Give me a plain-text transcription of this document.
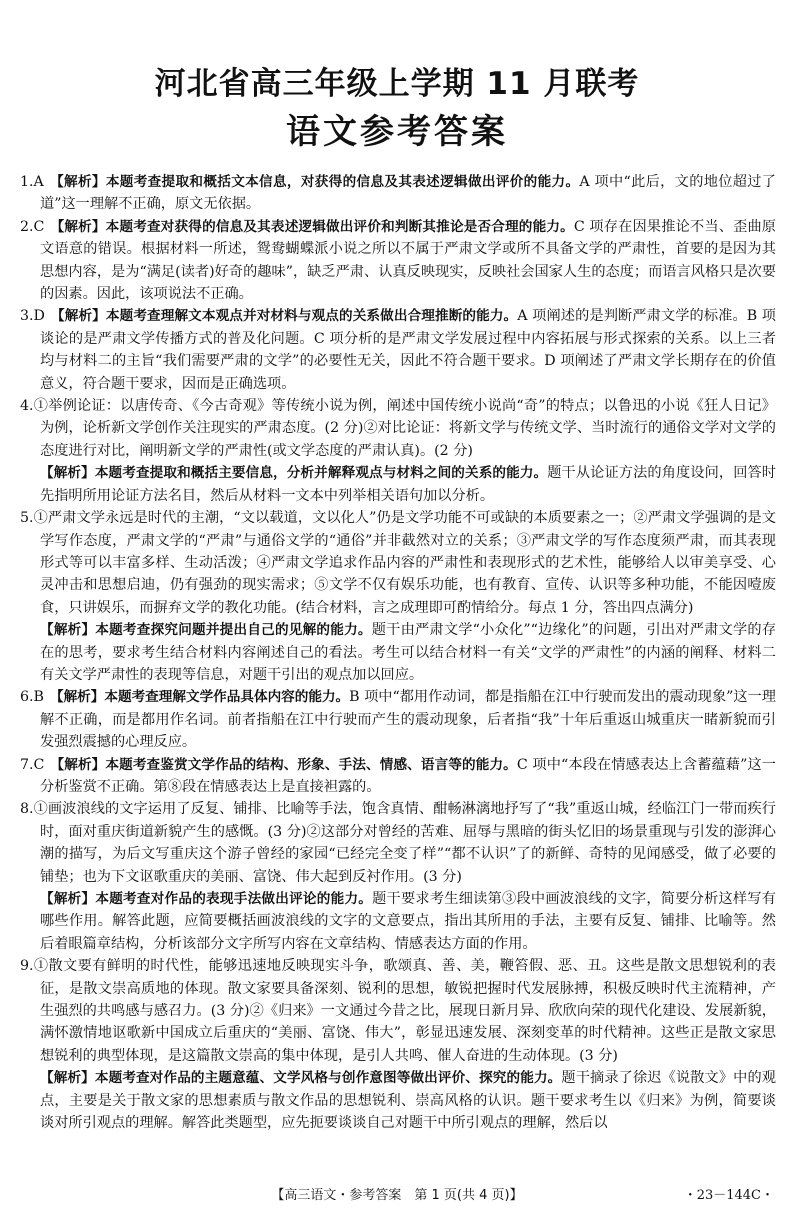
河北省高三年级上学期 11 月联考
语文参考答案

1.A 【解析】本题考查提取和概括文本信息，对获得的信息及其表述逻辑做出评价的能力。A 项中“此后，文的地位超过了道”这一理解不正确，原文无依据。

2.C 【解析】本题考查对获得的信息及其表述逻辑做出评价和判断其推论是否合理的能力。C 项存在因果推论不当、歪曲原文语意的错误。根据材料一所述，鸳鸯蝴蝶派小说之所以不属于严肃文学或所不具备文学的严肃性，首要的是因为其思想内容，是为“满足(读者)好奇的趣味”，缺乏严肃、认真反映现实，反映社会国家人生的态度；而语言风格只是次要的因素。因此，该项说法不正确。

3.D 【解析】本题考查理解文本观点并对材料与观点的关系做出合理推断的能力。A 项阐述的是判断严肃文学的标准。B 项谈论的是严肃文学传播方式的普及化问题。C 项分析的是严肃文学发展过程中内容拓展与形式探索的关系。以上三者均与材料二的主旨“我们需要严肃的文学”的必要性无关，因此不符合题干要求。D 项阐述了严肃文学长期存在的价值意义，符合题干要求，因而是正确选项。

4.①举例论证：以唐传奇、《今古奇观》等传统小说为例，阐述中国传统小说尚“奇”的特点；以鲁迅的小说《狂人日记》为例，论析新文学创作关注现实的严肃态度。(2 分)②对比论证：将新文学与传统文学、当时流行的通俗文学对文学的态度进行对比，阐明新文学的严肃性(或文学态度的严肃认真)。(2 分)

【解析】本题考查提取和概括主要信息，分析并解释观点与材料之间的关系的能力。题干从论证方法的角度设问，回答时先指明所用论证方法名目，然后从材料一文本中列举相关语句加以分析。

5.①严肃文学永远是时代的主潮，“文以载道，文以化人”仍是文学功能不可或缺的本质要素之一；②严肃文学强调的是文学写作态度，严肃文学的“严肃”与通俗文学的“通俗”并非截然对立的关系；③严肃文学的写作态度须严肃，而其表现形式等可以丰富多样、生动活泼；④严肃文学追求作品内容的严肃性和表现形式的艺术性，能够给人以审美享受、心灵冲击和思想启迪，仍有强劲的现实需求；⑤文学不仅有娱乐功能，也有教育、宣传、认识等多种功能，不能因噎废食，只讲娱乐，而摒弃文学的教化功能。(结合材料，言之成理即可酌情给分。每点 1 分，答出四点满分)

【解析】本题考查探究问题并提出自己的见解的能力。题干由严肃文学“小众化”“边缘化”的问题，引出对严肃文学的存在的思考，要求考生结合材料内容阐述自己的看法。考生可以结合材料一有关“文学的严肃性”的内涵的阐释、材料二有关文学严肃性的表现等信息，对题干引出的观点加以回应。

6.B 【解析】本题考查理解文学作品具体内容的能力。B 项中“都用作动词，都是指船在江中行驶而发出的震动现象”这一理解不正确，而是都用作名词。前者指船在江中行驶而产生的震动现象，后者指“我”十年后重返山城重庆一睹新貌而引发强烈震撼的心理反应。

7.C 【解析】本题考查鉴赏文学作品的结构、形象、手法、情感、语言等的能力。C 项中“本段在情感表达上含蓄蕴藉”这一分析鉴赏不正确。第⑧段在情感表达上是直接袒露的。

8.①画波浪线的文字运用了反复、铺排、比喻等手法，饱含真情、酣畅淋漓地抒写了“我”重返山城，经临江门一带而疾行时，面对重庆街道新貌产生的感慨。(3 分)②这部分对曾经的苦难、屈辱与黑暗的街头忆旧的场景重现与引发的澎湃心潮的描写，为后文写重庆这个游子曾经的家园“已经完全变了样”“都不认识”了的新鲜、奇特的见闻感受，做了必要的铺垫；也为下文讴歌重庆的美丽、富饶、伟大起到反衬作用。(3 分)

【解析】本题考查对作品的表现手法做出评论的能力。题干要求考生细读第③段中画波浪线的文字，简要分析这样写有哪些作用。解答此题，应简要概括画波浪线的文字的文意要点，指出其所用的手法，主要有反复、铺排、比喻等。然后着眼篇章结构，分析该部分文字所写内容在文章结构、情感表达方面的作用。

9.①散文要有鲜明的时代性，能够迅速地反映现实斗争，歌颂真、善、美，鞭笞假、恶、丑。这些是散文思想锐利的表征，是散文崇高质地的体现。散文家要具备深刻、锐利的思想，敏锐把握时代发展脉搏，积极反映时代主流精神，产生强烈的共鸣感与感召力。(3 分)②《归来》一文通过今昔之比，展现日新月异、欣欣向荣的现代化建设、发展新貌，满怀激情地讴歌新中国成立后重庆的“美丽、富饶、伟大”，彰显迅速发展、深刻变革的时代精神。这些正是散文家思想锐利的典型体现，是这篇散文崇高的集中体现，是引人共鸣、催人奋进的生动体现。(3 分)

【解析】本题考查对作品的主题意蕴、文学风格与创作意图等做出评价、探究的能力。题干摘录了徐迟《说散文》中的观点，主要是关于散文家的思想素质与散文作品的思想锐利、崇高风格的认识。题干要求考生以《归来》为例，简要谈谈对所引观点的理解。解答此类题型，应先扼要谈谈自己对题干中所引观点的理解，然后以

【高三语文・参考答案　第 1 页(共 4 页)】	・23－144C・
